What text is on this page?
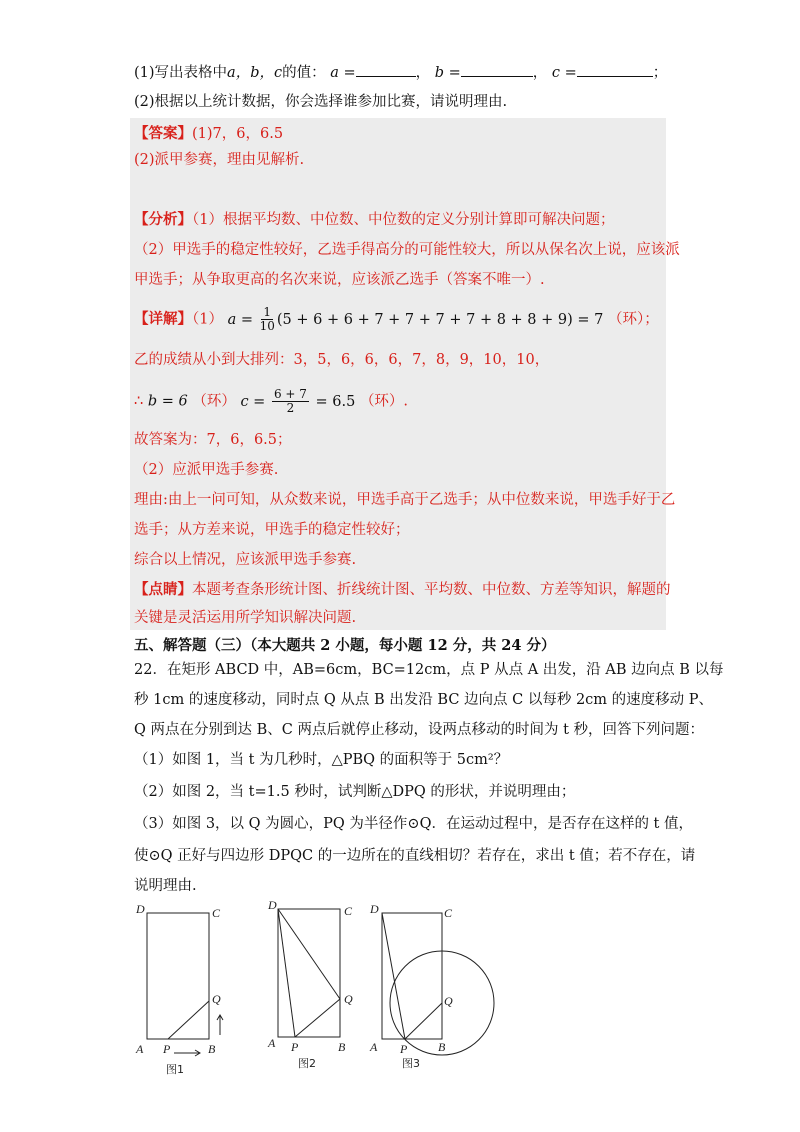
(1)写出表格中a，b，c的值： a =	， b =	， c =	；
(2)根据以上统计数据，你会选择谁参加比赛，请说明理由.
【答案】(1)7，6，6.5
(2)派甲参赛，理由见解析.
【分析】（1）根据平均数、中位数、中位数的定义分别计算即可解决问题；
（2）甲选手的稳定性较好，乙选手得高分的可能性较大，所以从保名次上说，应该派
甲选手；从争取更高的名次来说，应该派乙选手（答案不唯一）.
【详解】（1） $a = \frac{1}{10} (5 + 6 + 6 + 7 + 7 + 7 + 7 + 8 + 8 + 9) = 7$ （环）；
乙的成绩从小到大排列：3，5，6，6，6，7，8，9，10，10，
∴ b = 6 （环） $c = \frac{6 + 7}{2} = 6.5$ （环）.
故答案为：7，6，6.5；
（2）应派甲选手参赛.
理由:由上一问可知，从众数来说，甲选手高于乙选手；从中位数来说，甲选手好于乙
选手；从方差来说，甲选手的稳定性较好；
综合以上情况，应该派甲选手参赛.
【点睛】本题考查条形统计图、折线统计图、平均数、中位数、方差等知识，解题的
关键是灵活运用所学知识解决问题.
五、解答题（三）（本大题共 2 小题，每小题 12 分，共 24 分）
22．在矩形 ABCD 中，AB=6cm，BC=12cm，点 P 从点 A 出发，沿 AB 边向点 B 以每
秒 1cm 的速度移动，同时点 Q 从点 B 出发沿 BC 边向点 C 以每秒 2cm 的速度移动 P、
Q 两点在分别到达 B、C 两点后就停止移动，设两点移动的时间为 t 秒，回答下列问题：
（1）如图 1，当 t 为几秒时，△PBQ 的面积等于 5cm²？
（2）如图 2，当 t=1.5 秒时，试判断△DPQ 的形状，并说明理由；
（3）如图 3，以 Q 为圆心，PQ 为半径作⊙Q．在运动过程中，是否存在这样的 t 值，
使⊙Q 正好与四边形 DPQC 的一边所在的直线相切？若存在，求出 t 值；若不存在，请
说明理由.
D	C
Q
A P	B
图1
D	C
Q
A P	B
图2
D	C
Q
A P	B
图3
